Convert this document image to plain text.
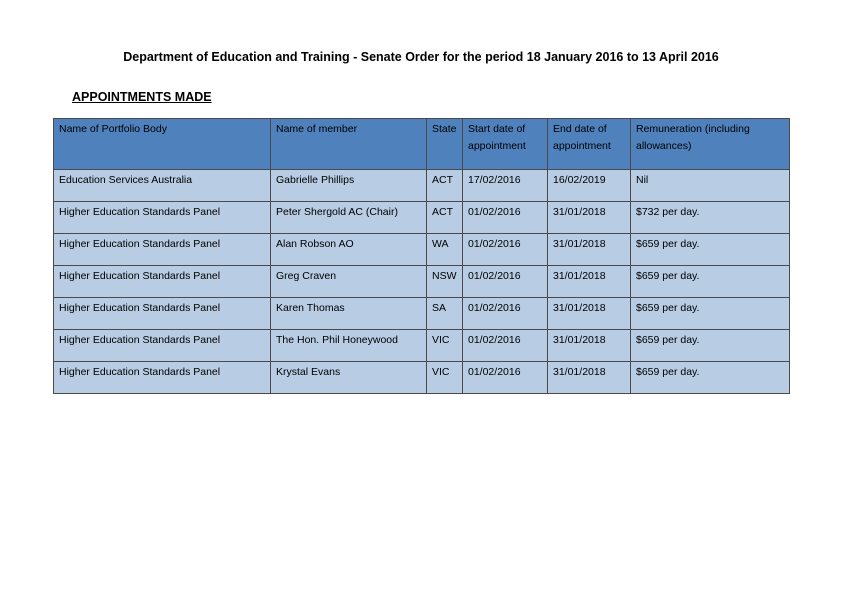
Department of Education and Training - Senate Order for the period 18 January 2016 to 13 April 2016
APPOINTMENTS MADE
Name of Portfolio Body	Name of member	State	Start date of appointment	End date of appointment	Remuneration (including allowances)
Education Services Australia	Gabrielle Phillips	ACT	17/02/2016	16/02/2019	Nil
Higher Education Standards Panel	Peter Shergold AC (Chair)	ACT	01/02/2016	31/01/2018	$732 per day.
Higher Education Standards Panel	Alan Robson AO	WA	01/02/2016	31/01/2018	$659 per day.
Higher Education Standards Panel	Greg Craven	NSW	01/02/2016	31/01/2018	$659 per day.
Higher Education Standards Panel	Karen Thomas	SA	01/02/2016	31/01/2018	$659 per day.
Higher Education Standards Panel	The Hon. Phil Honeywood	VIC	01/02/2016	31/01/2018	$659 per day.
Higher Education Standards Panel	Krystal Evans	VIC	01/02/2016	31/01/2018	$659 per day.
